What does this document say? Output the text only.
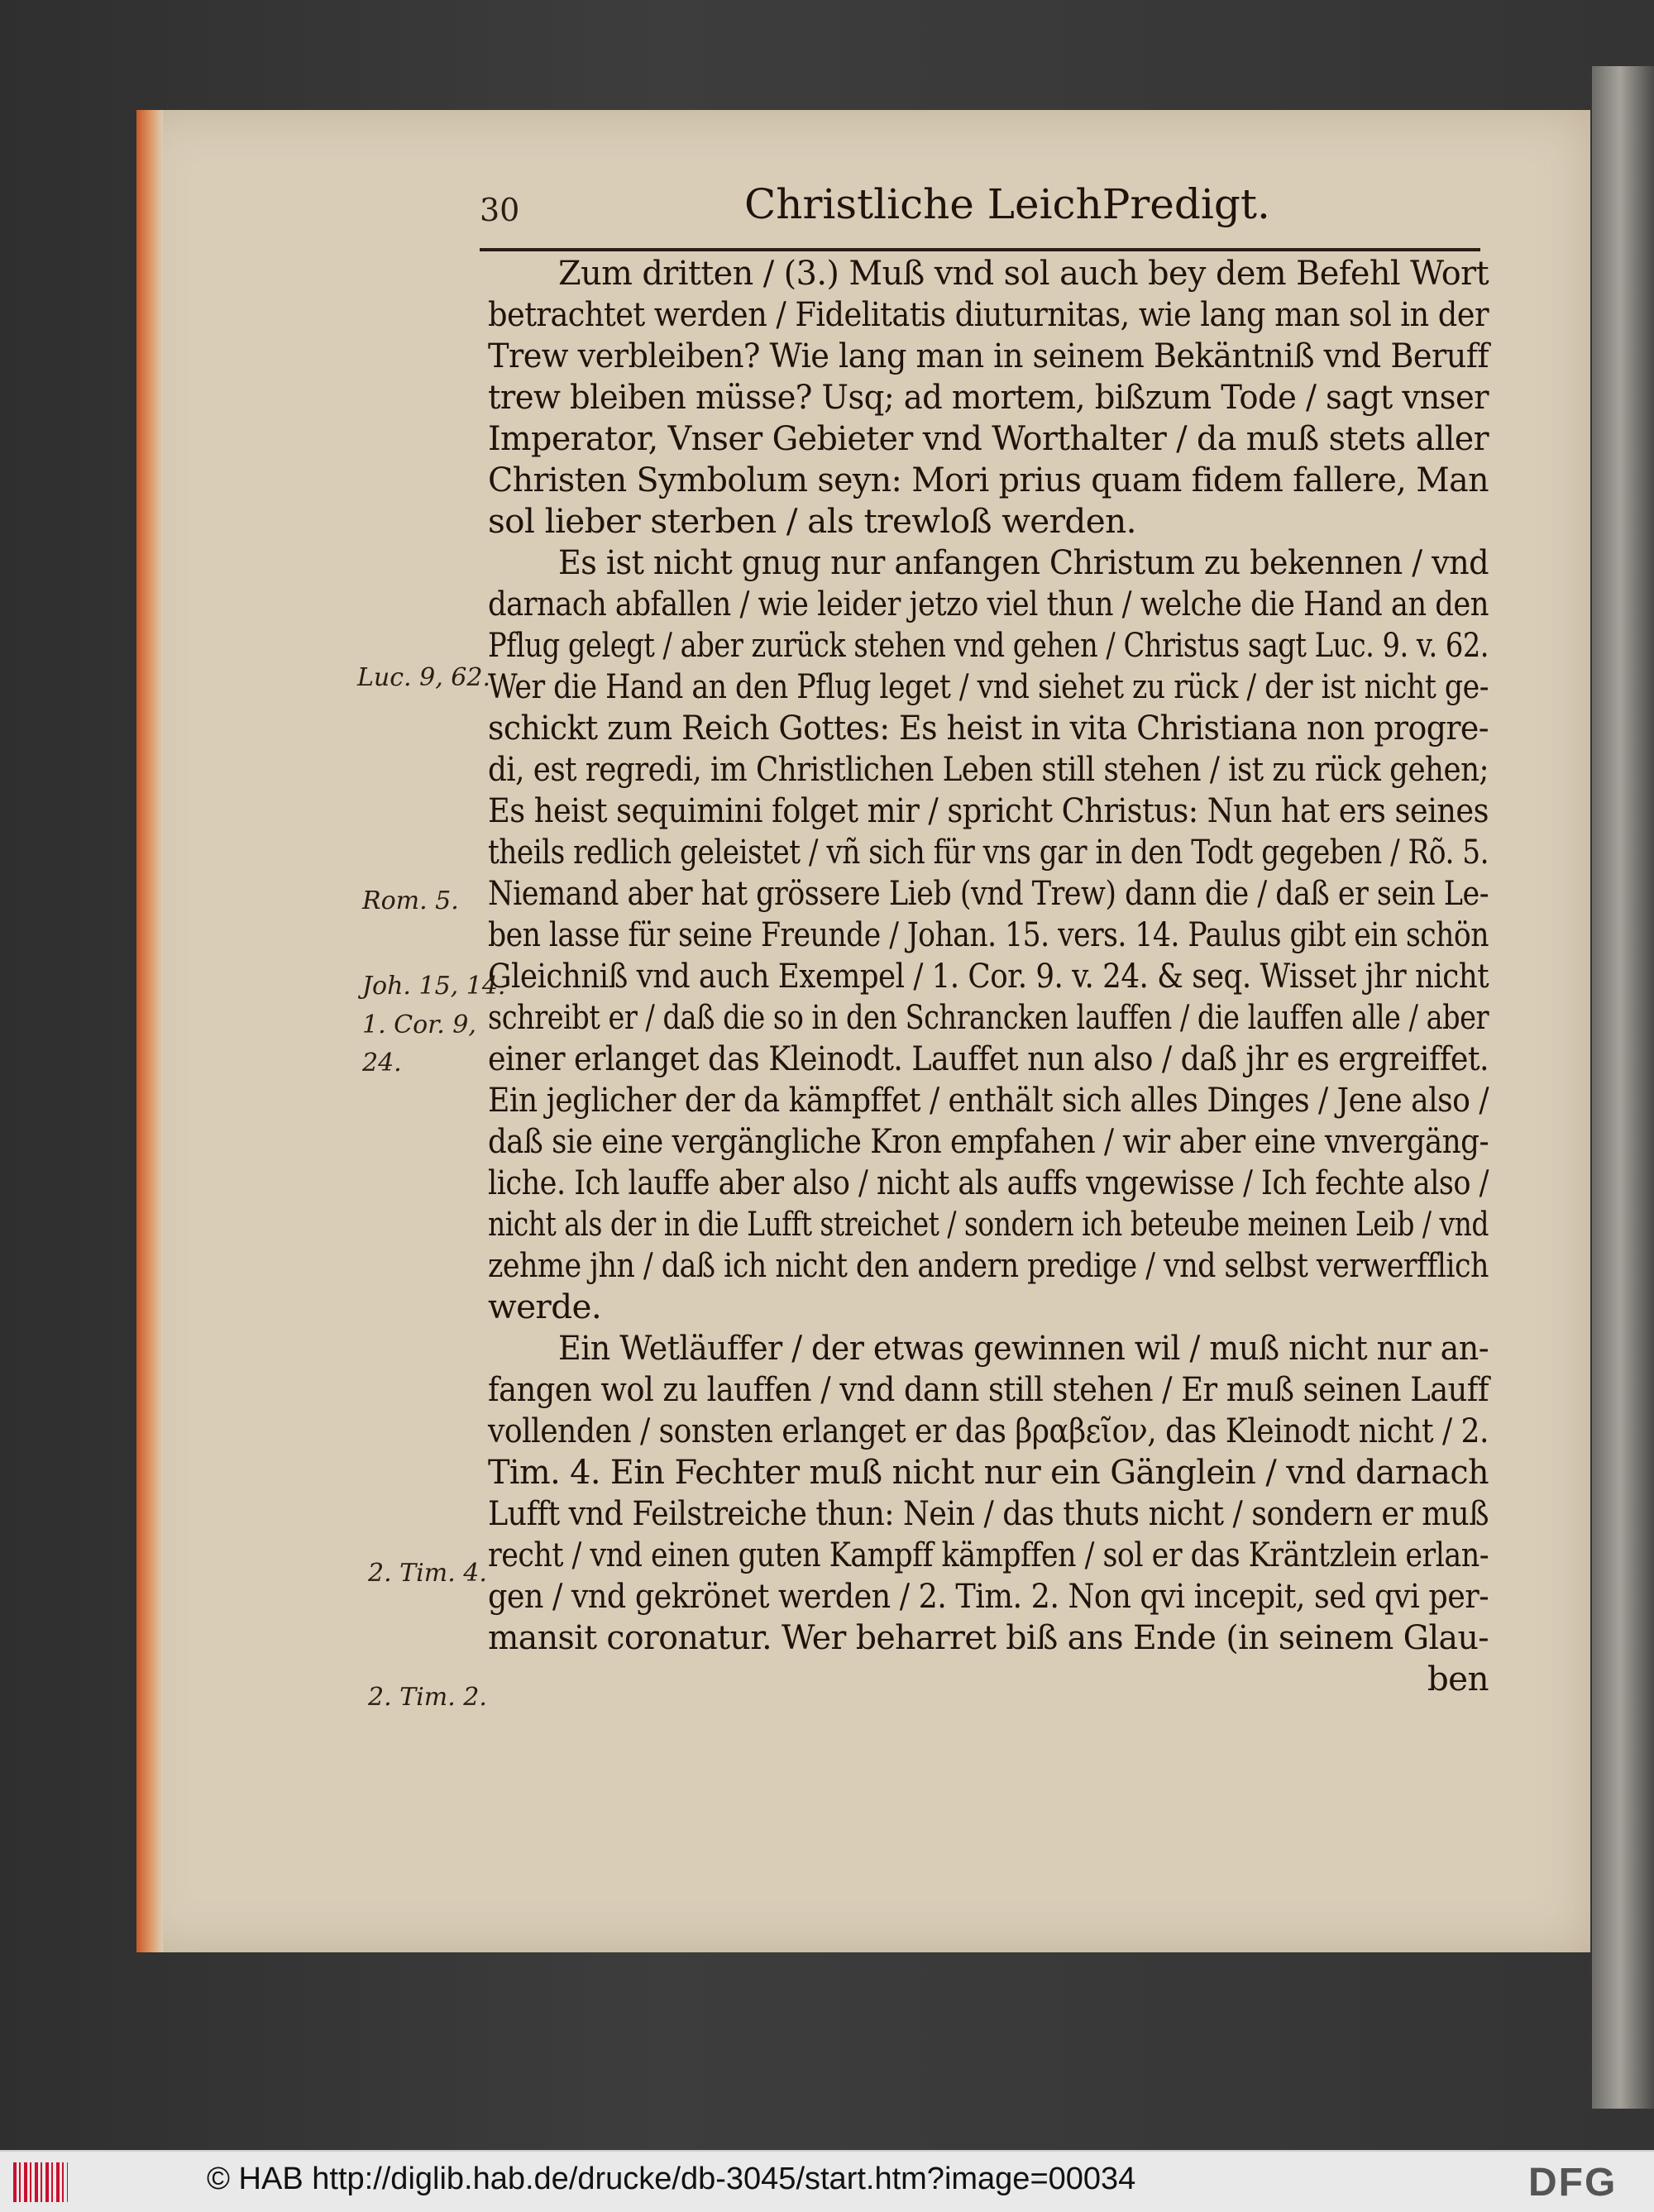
30	Christliche LeichPredigt.
Zum dritten / (3.) Muß vnd sol auch bey dem Befehl Wort
betrachtet werden / Fidelitatis diuturnitas, wie lang man sol in der
Trew verbleiben? Wie lang man in seinem Bekäntniß vnd Beruff
trew bleiben müsse? Usq; ad mortem, bißzum Tode / sagt vnser
Imperator, Vnser Gebieter vnd Worthalter / da muß stets aller
Christen Symbolum seyn: Mori prius quam fidem fallere, Man
sol lieber sterben / als trewloß werden.
Es ist nicht gnug nur anfangen Christum zu bekennen / vnd
darnach abfallen / wie leider jetzo viel thun / welche die Hand an den
Pflug gelegt / aber zurück stehen vnd gehen / Christus sagt Luc. 9. v. 62.
Wer die Hand an den Pflug leget / vnd siehet zu rück / der ist nicht ge-
schickt zum Reich Gottes: Es heist in vita Christiana non progre-
di, est regredi, im Christlichen Leben still stehen / ist zu rück gehen;
Es heist sequimini folget mir / spricht Christus: Nun hat ers seines
theils redlich geleistet / vñ sich für vns gar in den Todt gegeben / Rõ. 5.
Niemand aber hat grössere Lieb (vnd Trew) dann die / daß er sein Le-
ben lasse für seine Freunde / Johan. 15. vers. 14. Paulus gibt ein schön
Gleichniß vnd auch Exempel / 1. Cor. 9. v. 24. & seq. Wisset jhr nicht
schreibt er / daß die so in den Schrancken lauffen / die lauffen alle / aber
einer erlanget das Kleinodt. Lauffet nun also / daß jhr es ergreiffet.
Ein jeglicher der da kämpffet / enthält sich alles Dinges / Jene also /
daß sie eine vergängliche Kron empfahen / wir aber eine vnvergäng-
liche. Ich lauffe aber also / nicht als auffs vngewisse / Ich fechte also /
nicht als der in die Lufft streichet / sondern ich beteube meinen Leib / vnd
zehme jhn / daß ich nicht den andern predige / vnd selbst verwerfflich
werde.
Ein Wetläuffer / der etwas gewinnen wil / muß nicht nur an-
fangen wol zu lauffen / vnd dann still stehen / Er muß seinen Lauff
vollenden / sonsten erlanget er das βραβεῖον, das Kleinodt nicht / 2.
Tim. 4. Ein Fechter muß nicht nur ein Gänglein / vnd darnach
Lufft vnd Feilstreiche thun: Nein / das thuts nicht / sondern er muß
recht / vnd einen guten Kampff kämpffen / sol er das Kräntzlein erlan-
gen / vnd gekrönet werden / 2. Tim. 2. Non qvi incepit, sed qvi per-
mansit coronatur. Wer beharret biß ans Ende (in seinem Glau-
ben
Luc. 9, 62.
Rom. 5.
Joh. 15, 14.
1. Cor. 9,
24.
2. Tim. 4.
2. Tim. 2.
© HAB http://diglib.hab.de/drucke/db-3045/start.htm?image=00034	DFG
